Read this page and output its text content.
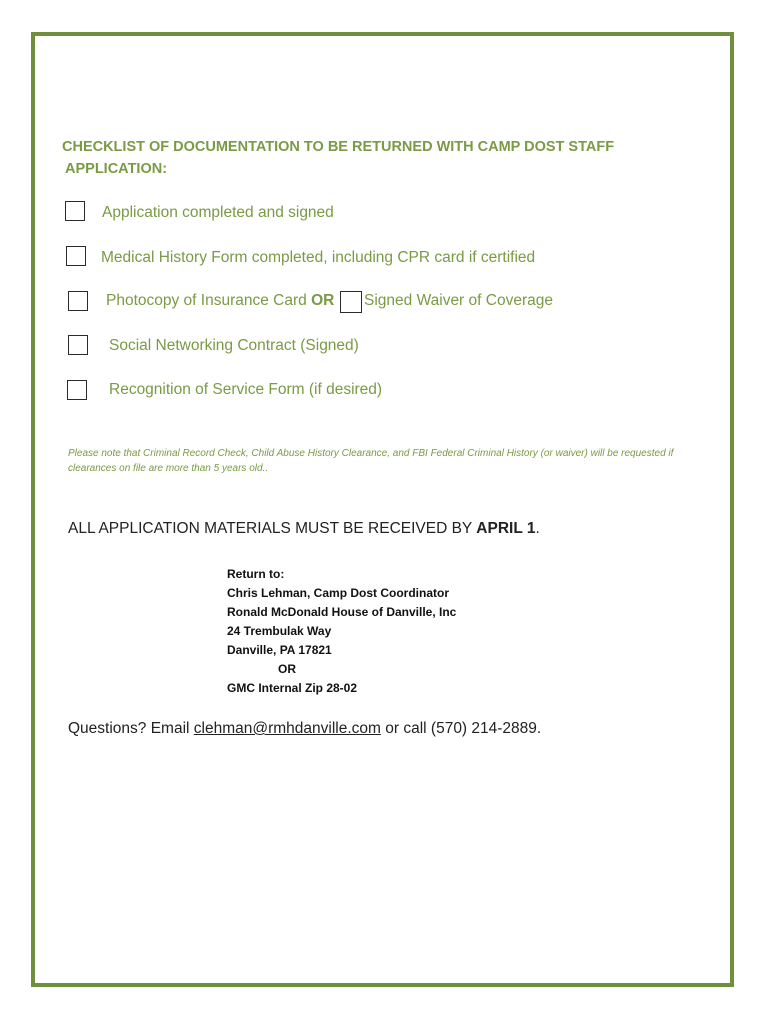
CHECKLIST OF DOCUMENTATION TO BE RETURNED WITH CAMP DOST STAFF
APPLICATION:
Application completed and signed
Medical History Form completed, including CPR card if certified
Photocopy of Insurance Card OR Signed Waiver of Coverage
Social Networking Contract (Signed)
Recognition of Service Form (if desired)
Please note that Criminal Record Check, Child Abuse History Clearance, and FBI Federal Criminal History (or waiver) will be requested if clearances on file are more than 5 years old..
ALL APPLICATION MATERIALS MUST BE RECEIVED BY APRIL 1.
Return to:
Chris Lehman, Camp Dost Coordinator
Ronald McDonald House of Danville, Inc
24 Trembulak Way
Danville, PA 17821
OR
GMC Internal Zip 28-02
Questions? Email clehman@rmhdanville.com or call (570) 214-2889.
